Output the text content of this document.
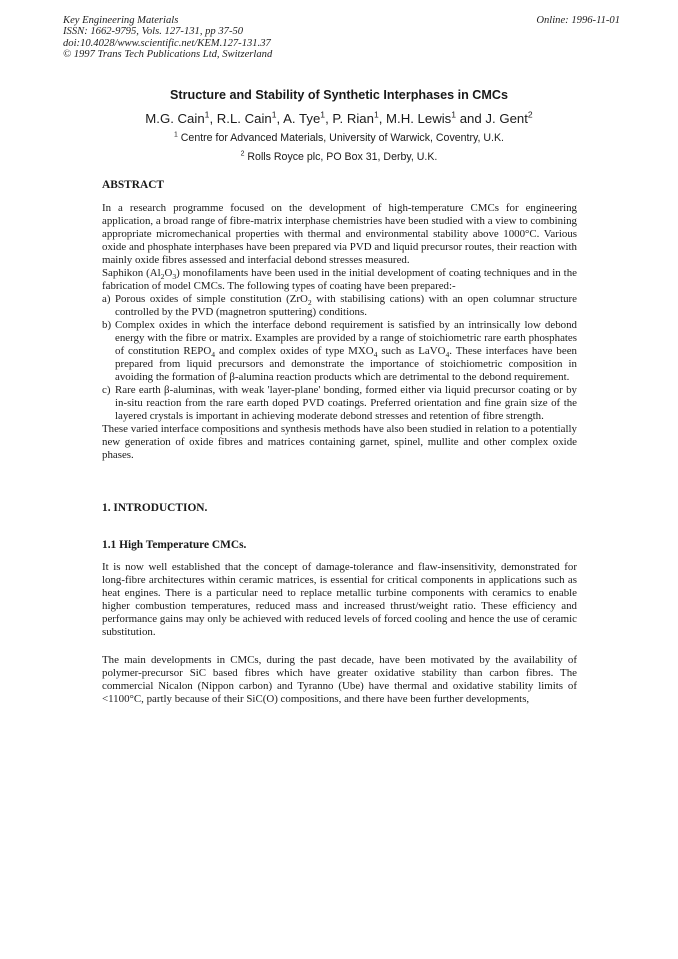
Key Engineering Materials
ISSN: 1662-9795, Vols. 127-131, pp 37-50
doi:10.4028/www.scientific.net/KEM.127-131.37
© 1997 Trans Tech Publications Ltd, Switzerland
Online: 1996-11-01
Structure and Stability of Synthetic Interphases in CMCs
M.G. Cain$^1$, R.L. Cain$^1$, A. Tye$^1$, P. Rian$^1$, M.H. Lewis$^1$ and J. Gent$^2$
$^1$ Centre for Advanced Materials, University of Warwick, Coventry, U.K.
$^2$ Rolls Royce plc, PO Box 31, Derby, U.K.
ABSTRACT

In a research programme focused on the development of high-temperature CMCs for engineering application, a broad range of fibre-matrix interphase chemistries have been studied with a view to combining appropriate micromechanical properties with thermal and environmental stability above 1000°C. Various oxide and phosphate interphases have been prepared via PVD and liquid precursor routes, their reaction with mainly oxide fibres assessed and interfacial debond stresses measured.

Saphikon $(Al_2O_3)$ monofilaments have been used in the initial development of coating techniques and in the fabrication of model CMCs. The following types of coating have been prepared:-

a) Porous oxides of simple constitution (ZrO$_2$ with stabilising cations) with an open columnar structure controlled by the PVD (magnetron sputtering) conditions.
b) Complex oxides in which the interface debond requirement is satisfied by an intrinsically low debond energy with the fibre or matrix. Examples are provided by a range of stoichiometric rare earth phosphates of constitution $REPO_4$ and complex oxides of type $MXO_4$ such as LaVO$_4$. These interfaces have been prepared from liquid precursors and demonstrate the importance of stoichiometric composition in avoiding the formation of β-alumina reaction products which are detrimental to the debond requirement.
c) Rare earth β-aluminas, with weak 'layer-plane' bonding, formed either via liquid precursor coating or by in-situ reaction from the rare earth doped PVD coatings. Preferred orientation and fine grain size of the layered crystals is important in achieving moderate debond stresses and retention of fibre strength.

These varied interface compositions and synthesis methods have also been studied in relation to a potentially new generation of oxide fibres and matrices containing garnet, spinel, mullite and other complex oxide phases.

1. INTRODUCTION.
1.1 High Temperature CMCs.

It is now well established that the concept of damage-tolerance and flaw-insensitivity, demonstrated for long-fibre architectures within ceramic matrices, is essential for critical components in applications such as heat engines. There is a particular need to replace metallic turbine components with ceramics to enable higher combustion temperatures, reduced mass and increased thrust/weight ratio. These efficiency and performance gains may only be achieved with reduced levels of forced cooling and hence the use of ceramic substitution.

The main developments in CMCs, during the past decade, have been motivated by the availability of polymer-precursor SiC based fibres which have greater oxidative stability than carbon fibres. The commercial Nicalon (Nippon carbon) and Tyranno (Ube) have thermal and oxidative stability limits of <1100°C, partly because of their SiC(O) compositions, and there have been further developments,
